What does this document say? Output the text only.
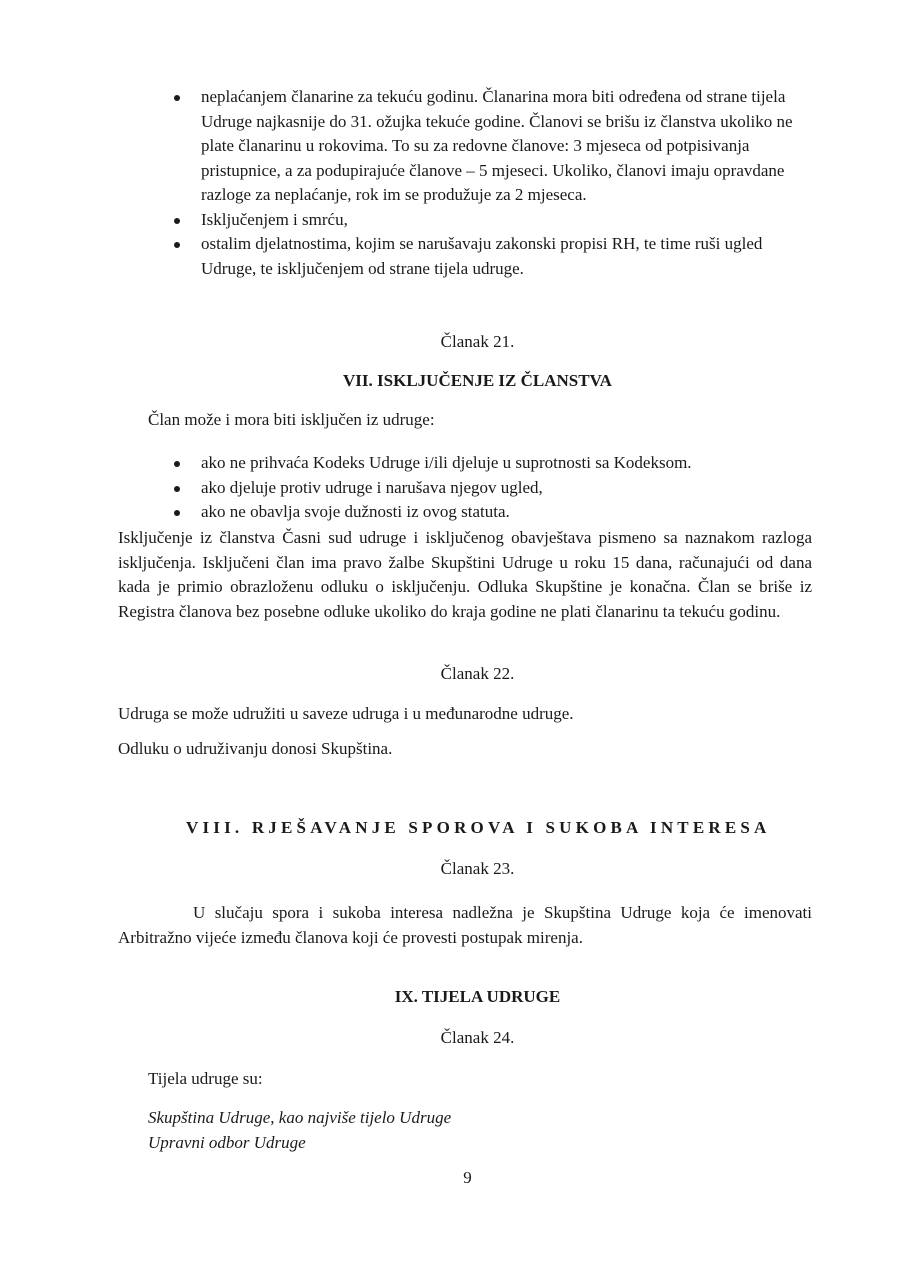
neplaćanjem članarine za tekuću godinu. Članarina mora biti određena od strane tijela Udruge najkasnije do 31. ožujka tekuće godine. Članovi se brišu iz članstva ukoliko ne plate članarinu u rokovima. To su za redovne članove: 3 mjeseca od potpisivanja pristupnice, a za podupirajuće članove – 5 mjeseci. Ukoliko, članovi imaju opravdane razloge za neplaćanje, rok im se produžuje za 2 mjeseca.
Isključenjem i smrću,
ostalim djelatnostima, kojim se narušavaju zakonski propisi RH, te time ruši ugled Udruge, te isključenjem od strane tijela udruge.
Članak 21.
VII. ISKLJUČENJE IZ ČLANSTVA
Član može i mora biti isključen iz udruge:
ako ne prihvaća Kodeks Udruge i/ili djeluje u suprotnosti sa Kodeksom.
ako djeluje protiv udruge i narušava njegov ugled,
ako ne obavlja svoje dužnosti iz ovog statuta.
Isključenje iz članstva Časni sud udruge i isključenog obavještava pismeno sa naznakom razloga isključenja. Isključeni član ima pravo žalbe Skupštini Udruge u roku 15 dana, računajući od dana kada je primio obrazloženu odluku o isključenju. Odluka Skupštine je konačna. Član se briše iz Registra članova bez posebne odluke ukoliko do kraja godine ne plati članarinu ta tekuću godinu.
Članak 22.
Udruga se može udružiti u saveze udruga i u međunarodne udruge.
Odluku o udruživanju donosi Skupština.
VIII. RJEŠAVANJE SPOROVA I SUKOBA INTERESA
Članak 23.
U slučaju spora i sukoba interesa nadležna je Skupština Udruge koja će imenovati Arbitražno vijeće između članova koji će provesti postupak mirenja.
IX. TIJELA UDRUGE
Članak 24.
Tijela udruge su:
Skupština Udruge, kao najviše tijelo Udruge
Upravni odbor Udruge
9
